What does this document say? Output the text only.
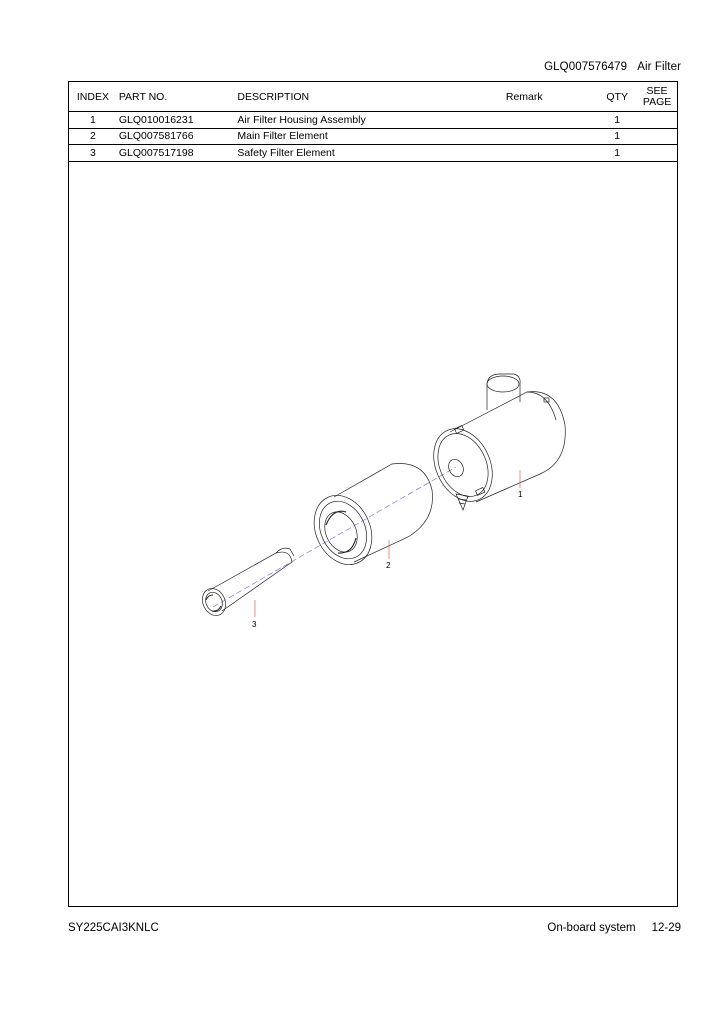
GLQ007576479 Air Filter
INDEX	PART NO.	DESCRIPTION	Remark	QTY	SEE PAGE
1	GLQ010016231	Air Filter Housing Assembly		1	
2	GLQ007581766	Main Filter Element		1	
3	GLQ007517198	Safety Filter Element		1	
1
2
3
SY225CAI3KNLC	On-board system 12-29
